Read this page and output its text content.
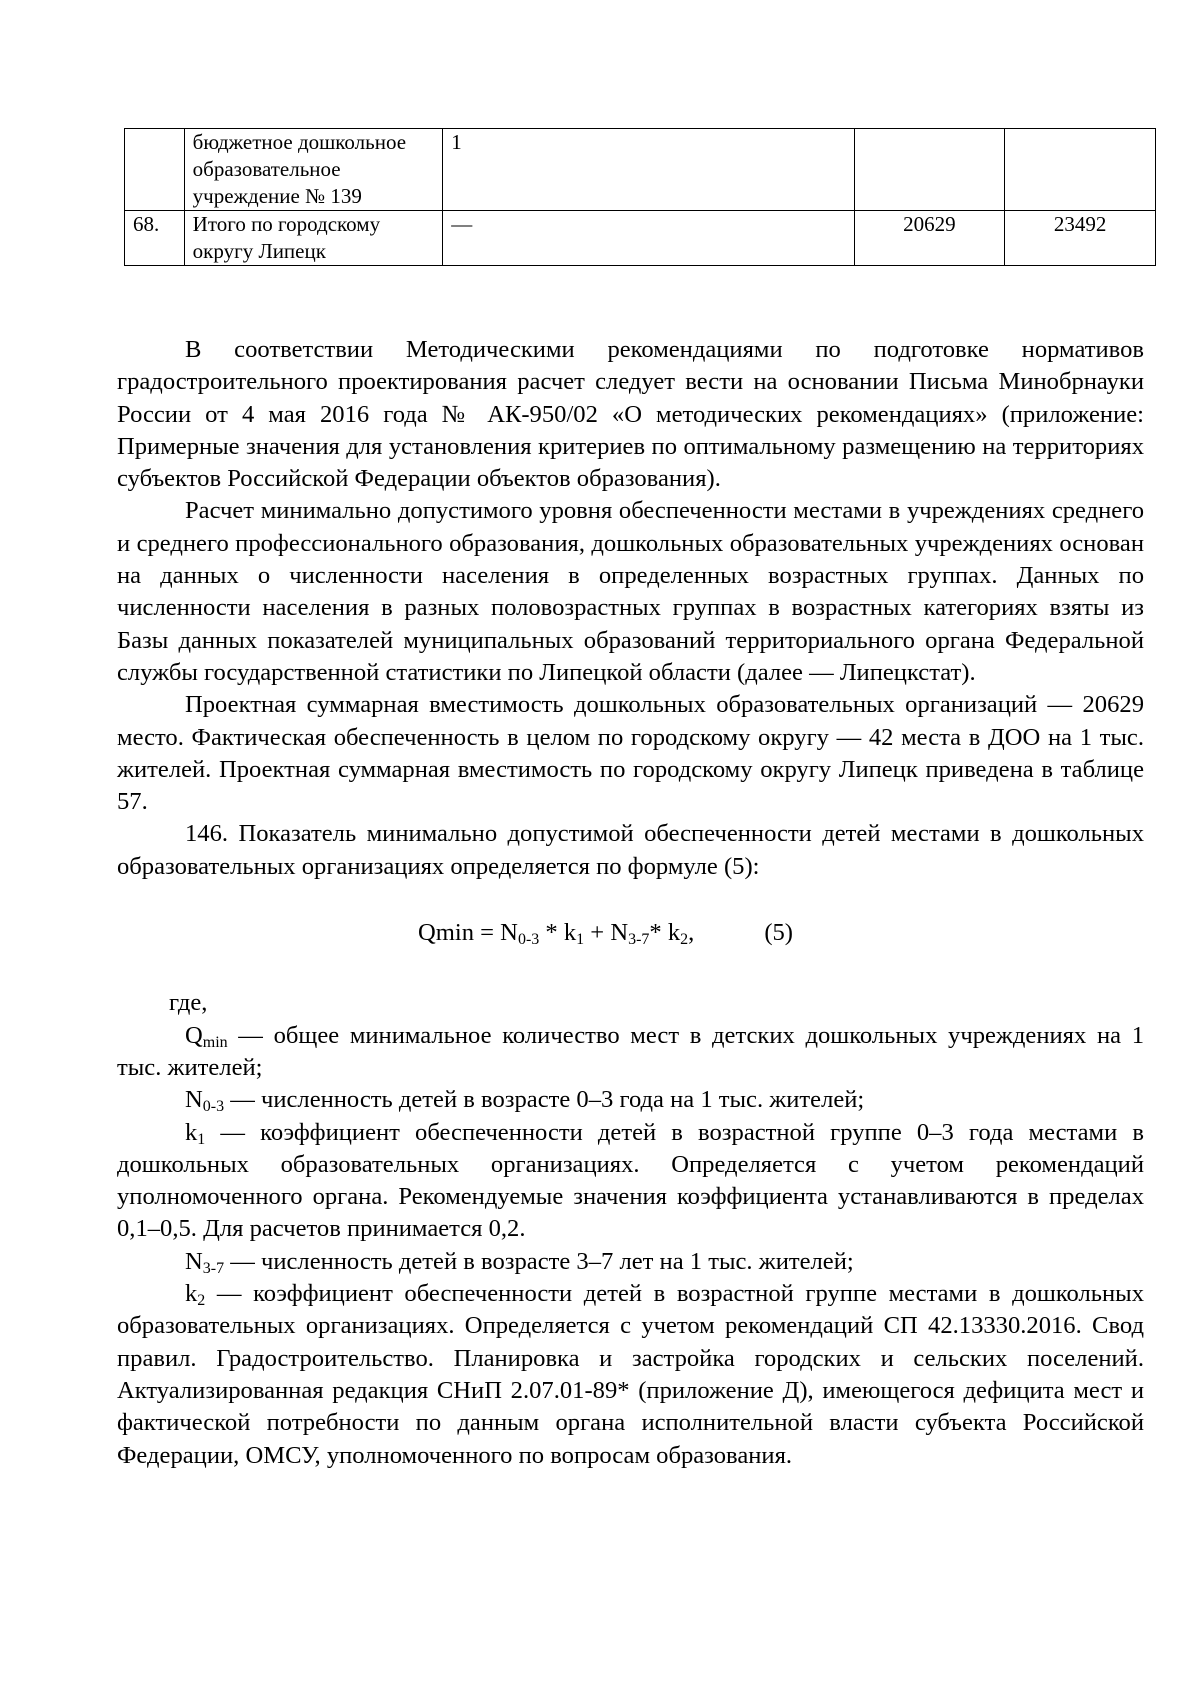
	бюджетное дошкольное образовательное учреждение № 139	1		
68.	Итого по городскому округу Липецк	—	20629	23492

В соответствии Методическими рекомендациями по подготовке нормативов градостроительного проектирования расчет следует вести на основании Письма Минобрнауки России от 4 мая 2016 года № АК-950/02 «О методических рекомендациях» (приложение: Примерные значения для установления критериев по оптимальному размещению на территориях субъектов Российской Федерации объектов образования).

Расчет минимально допустимого уровня обеспеченности местами в учреждениях среднего и среднего профессионального образования, дошкольных образовательных учреждениях основан на данных о численности населения в определенных возрастных группах. Данных по численности населения в разных половозрастных группах в возрастных категориях взяты из Базы данных показателей муниципальных образований территориального органа Федеральной службы государственной статистики по Липецкой области (далее — Липецкстат).

Проектная суммарная вместимость дошкольных образовательных организаций — 20629 место. Фактическая обеспеченность в целом по городскому округу — 42 места в ДОО на 1 тыс. жителей. Проектная суммарная вместимость по городскому округу Липецк приведена в таблице 57.

146. Показатель минимально допустимой обеспеченности детей местами в дошкольных образовательных организациях определяется по формуле (5):

$Qmin = N_{0-3} * k_1 + N_{3-7}*$ $k_2$,	(5)

где,

$Q_{min}$ — общее минимальное количество мест в детских дошкольных учреждениях на 1 тыс. жителей;

$N_{0-3}$ — численность детей в возрасте 0–3 года на 1 тыс. жителей;

$k_1$ — коэффициент обеспеченности детей в возрастной группе 0–3 года местами в дошкольных образовательных организациях. Определяется с учетом рекомендаций уполномоченного органа. Рекомендуемые значения коэффициента устанавливаются в пределах 0,1–0,5. Для расчетов принимается 0,2.

$N_{3-7}$ — численность детей в возрасте 3–7 лет на 1 тыс. жителей;

$k_2$ — коэффициент обеспеченности детей в возрастной группе местами в дошкольных образовательных организациях. Определяется с учетом рекомендаций СП 42.13330.2016. Свод правил. Градостроительство. Планировка и застройка городских и сельских поселений. Актуализированная редакция СНиП 2.07.01-89* (приложение Д), имеющегося дефицита мест и фактической потребности по данным органа исполнительной власти субъекта Российской Федерации, ОМСУ, уполномоченного по вопросам образования.
